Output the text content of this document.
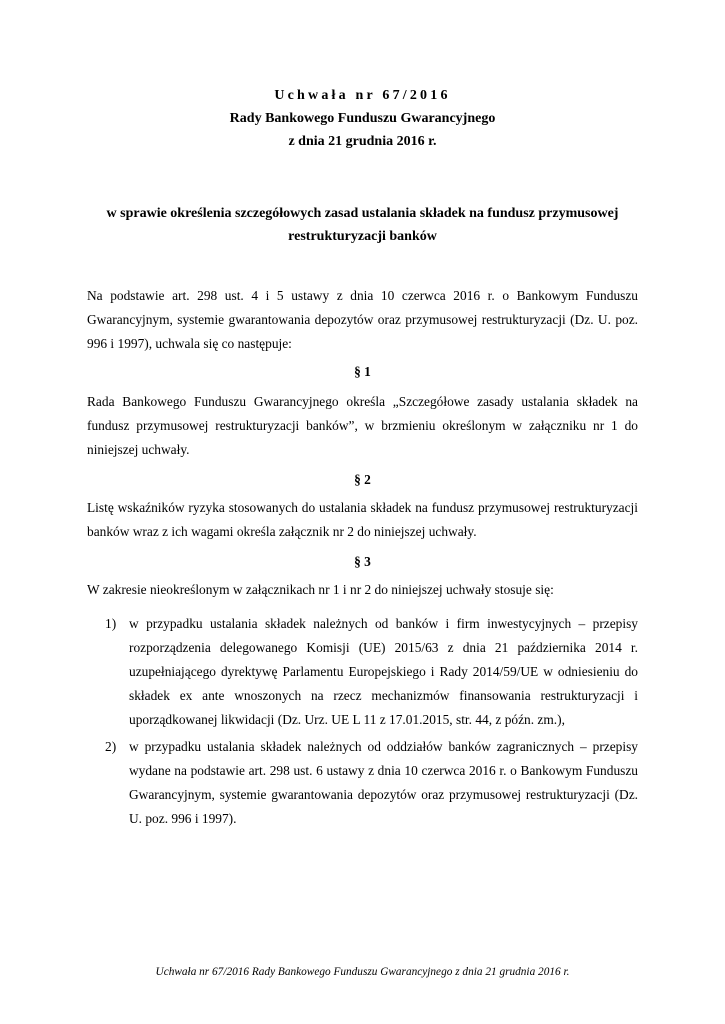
Uchwała nr 67/2016
Rady Bankowego Funduszu Gwarancyjnego
z dnia 21 grudnia 2016 r.
w sprawie określenia szczegółowych zasad ustalania składek na fundusz przymusowej
restrukturyzacji banków
Na podstawie art. 298 ust. 4 i 5 ustawy z dnia 10 czerwca 2016 r. o Bankowym Funduszu
Gwarancyjnym, systemie gwarantowania depozytów oraz przymusowej restrukturyzacji (Dz. U. poz.
996 i 1997), uchwala się co następuje:
§ 1
Rada Bankowego Funduszu Gwarancyjnego określa „Szczegółowe zasady ustalania składek na
fundusz przymusowej restrukturyzacji banków”, w brzmieniu określonym w załączniku nr 1 do
niniejszej uchwały.
§ 2
Listę wskaźników ryzyka stosowanych do ustalania składek na fundusz przymusowej restrukturyzacji
banków wraz z ich wagami określa załącznik nr 2 do niniejszej uchwały.
§ 3
W zakresie nieokreślonym w załącznikach nr 1 i nr 2 do niniejszej uchwały stosuje się:
1) w przypadku ustalania składek należnych od banków i firm inwestycyjnych – przepisy
rozporządzenia delegowanego Komisji (UE) 2015/63 z dnia 21 października 2014 r.
uzupełniającego dyrektywę Parlamentu Europejskiego i Rady 2014/59/UE w odniesieniu do
składek ex ante wnoszonych na rzecz mechanizmów finansowania restrukturyzacji i
uporządkowanej likwidacji (Dz. Urz. UE L 11 z 17.01.2015, str. 44, z późn. zm.),
2) w przypadku ustalania składek należnych od oddziałów banków zagranicznych – przepisy
wydane na podstawie art. 298 ust. 6 ustawy z dnia 10 czerwca 2016 r. o Bankowym Funduszu
Gwarancyjnym, systemie gwarantowania depozytów oraz przymusowej restrukturyzacji (Dz.
U. poz. 996 i 1997).
Uchwała nr 67/2016 Rady Bankowego Funduszu Gwarancyjnego z dnia 21 grudnia 2016 r.
